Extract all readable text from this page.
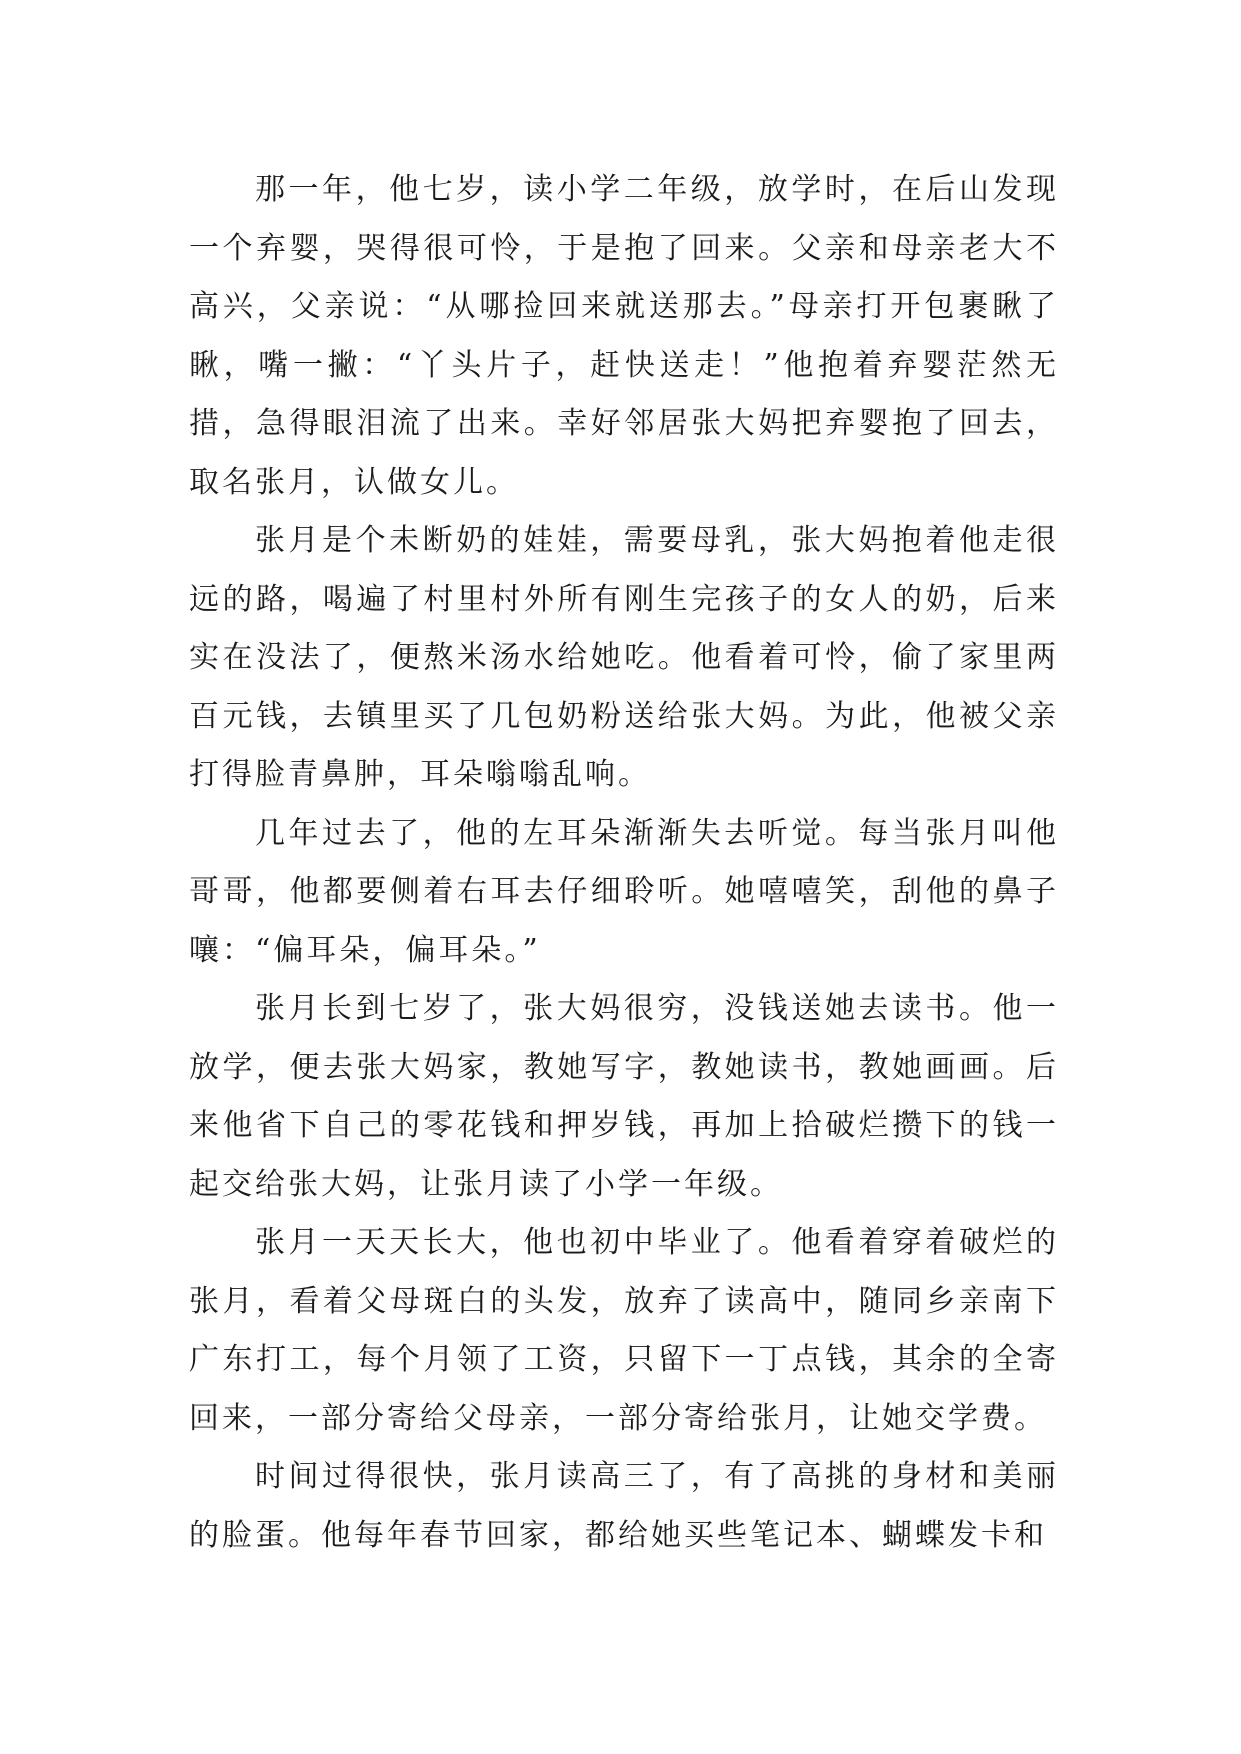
那一年，他七岁，读小学二年级，放学时，在后山发现一个弃婴，哭得很可怜，于是抱了回来。父亲和母亲老大不高兴，父亲说：“从哪捡回来就送那去。”母亲打开包裹瞅了瞅，嘴一撇：“丫头片子，赶快送走！”他抱着弃婴茫然无措，急得眼泪流了出来。幸好邻居张大妈把弃婴抱了回去，取名张月，认做女儿。

张月是个未断奶的娃娃，需要母乳，张大妈抱着他走很远的路，喝遍了村里村外所有刚生完孩子的女人的奶，后来实在没法了，便熬米汤水给她吃。他看着可怜，偷了家里两百元钱，去镇里买了几包奶粉送给张大妈。为此，他被父亲打得脸青鼻肿，耳朵嗡嗡乱响。

几年过去了，他的左耳朵渐渐失去听觉。每当张月叫他哥哥，他都要侧着右耳去仔细聆听。她嘻嘻笑，刮他的鼻子嚷：“偏耳朵，偏耳朵。”

张月长到七岁了，张大妈很穷，没钱送她去读书。他一放学，便去张大妈家，教她写字，教她读书，教她画画。后来他省下自己的零花钱和押岁钱，再加上拾破烂攒下的钱一起交给张大妈，让张月读了小学一年级。

张月一天天长大，他也初中毕业了。他看着穿着破烂的张月，看着父母斑白的头发，放弃了读高中，随同乡亲南下广东打工，每个月领了工资，只留下一丁点钱，其余的全寄回来，一部分寄给父母亲，一部分寄给张月，让她交学费。

时间过得很快，张月读高三了，有了高挑的身材和美丽的脸蛋。他每年春节回家，都给她买些笔记本、蝴蝶发卡和
